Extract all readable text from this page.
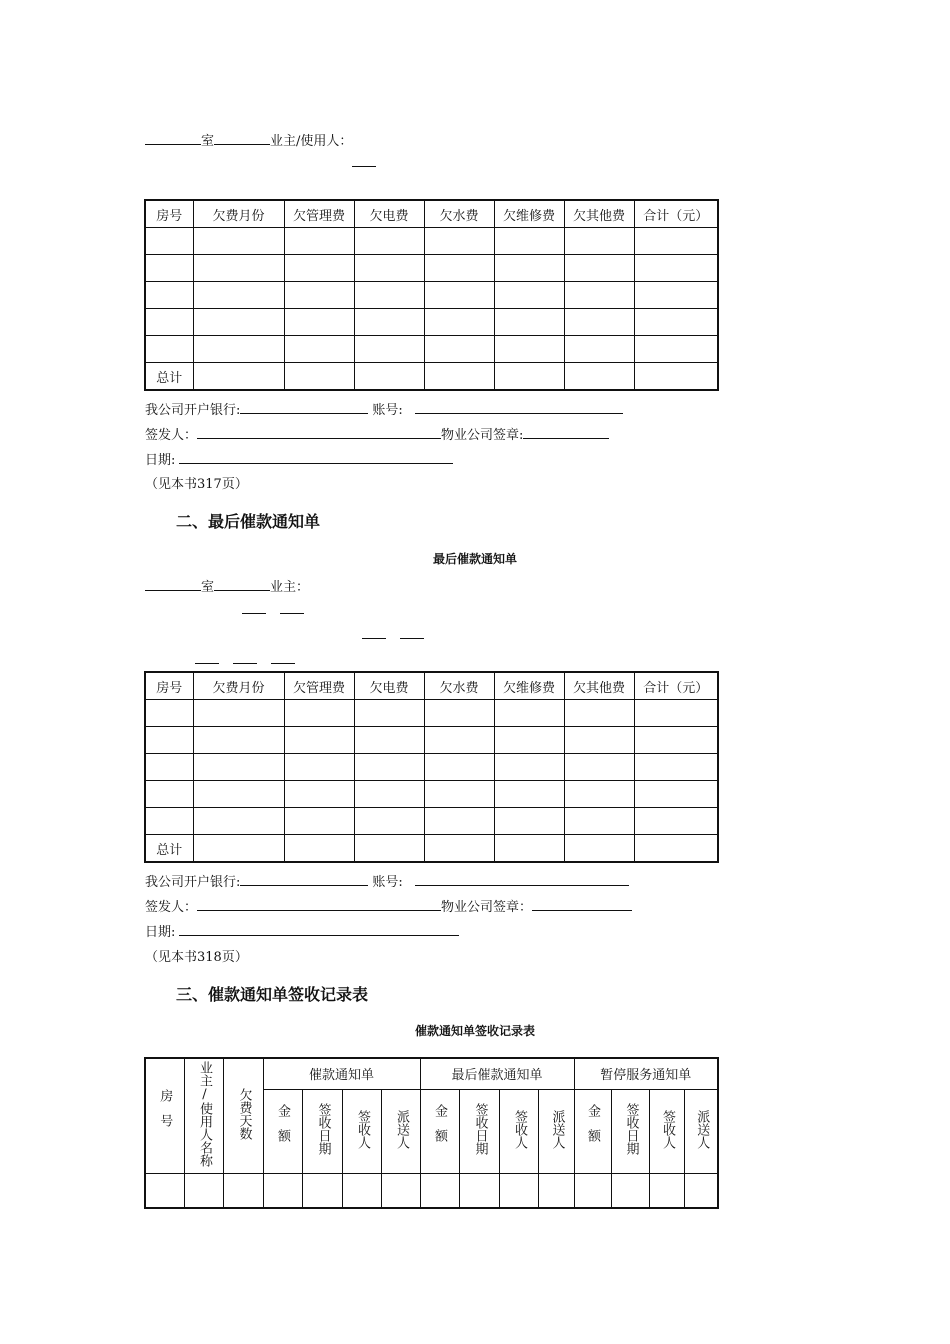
室	业主/使用人：
房号	欠费月份	欠管理费	欠电费	欠水费	欠维修费	欠其他费	合计（元）

总计							
我公司开户银行:	账号:
签发人：	物业公司签章:
日期:
（见本书317页）
二、最后催款通知单
最后催款通知单
室	业主：
房号	欠费月份	欠管理费	欠电费	欠水费	欠维修费	欠其他费	合计（元）

总计							
我公司开户银行:	账号:
签发人：	物业公司签章：
日期:
（见本书318页）
三、催款通知单签收记录表
催款通知单签收记录表
房号	业主/使用人名称	欠费天数	催款通知单				最后催款通知单				暂停服务通知单			
			金额	签收日期	签收人	派送人	金额	签收日期	签收人	派送人	金额	签收日期	签收人	派送人
